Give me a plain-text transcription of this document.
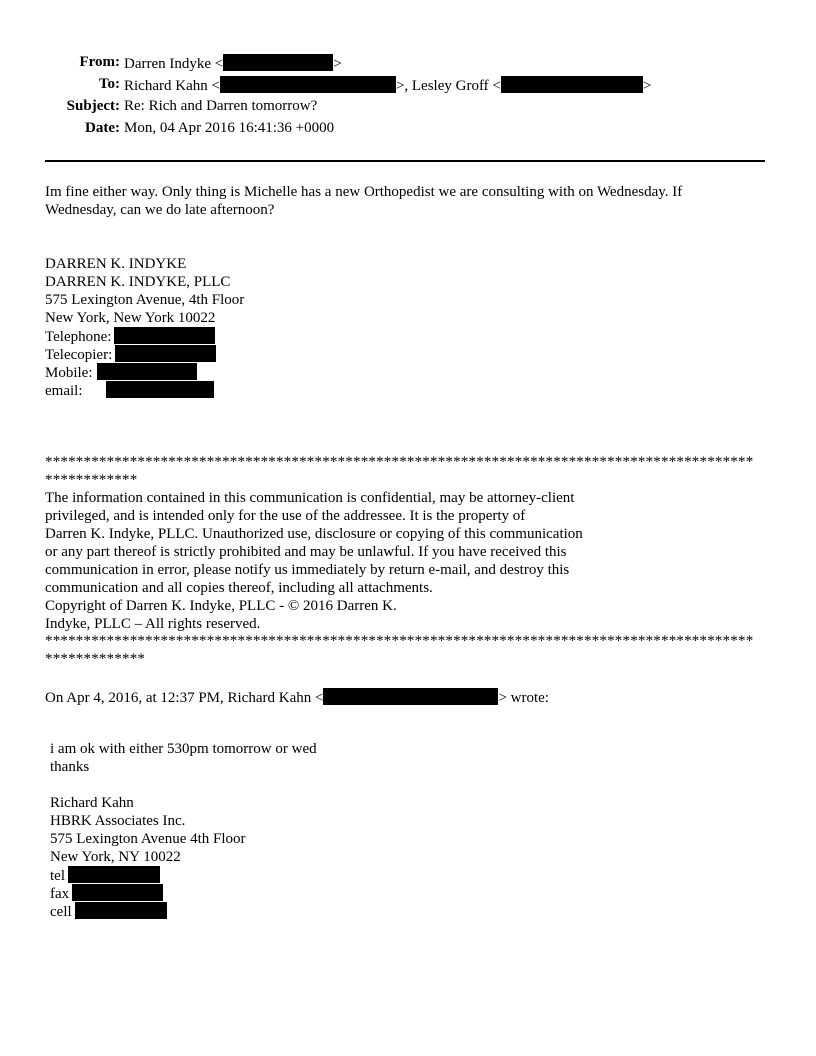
From: Darren Indyke <	>
To: Richard Kahn <	>, Lesley Groff <	>
Subject: Re: Rich and Darren tomorrow?
Date: Mon, 04 Apr 2016 16:41:36 +0000
Im fine either way. Only thing is Michelle has a new Orthopedist we are consulting with on Wednesday. If
Wednesday, can we do late afternoon?
DARREN K. INDYKE
DARREN K. INDYKE, PLLC
575 Lexington Avenue, 4th Floor
New York, New York 10022
Telephone:
Telecopier:
Mobile:
email:
********************************************************************************************
************
The information contained in this communication is confidential, may be attorney-client
privileged, and is intended only for the use of the addressee. It is the property of
Darren K. Indyke, PLLC. Unauthorized use, disclosure or copying of this communication
or any part thereof is strictly prohibited and may be unlawful. If you have received this
communication in error, please notify us immediately by return e-mail, and destroy this
communication and all copies thereof, including all attachments.
Copyright of Darren K. Indyke, PLLC - © 2016 Darren K.
Indyke, PLLC – All rights reserved.
********************************************************************************************
*************
On Apr 4, 2016, at 12:37 PM, Richard Kahn <	> wrote:
i am ok with either 530pm tomorrow or wed
thanks
Richard Kahn
HBRK Associates Inc.
575 Lexington Avenue 4th Floor
New York, NY 10022
tel
fax
cell
